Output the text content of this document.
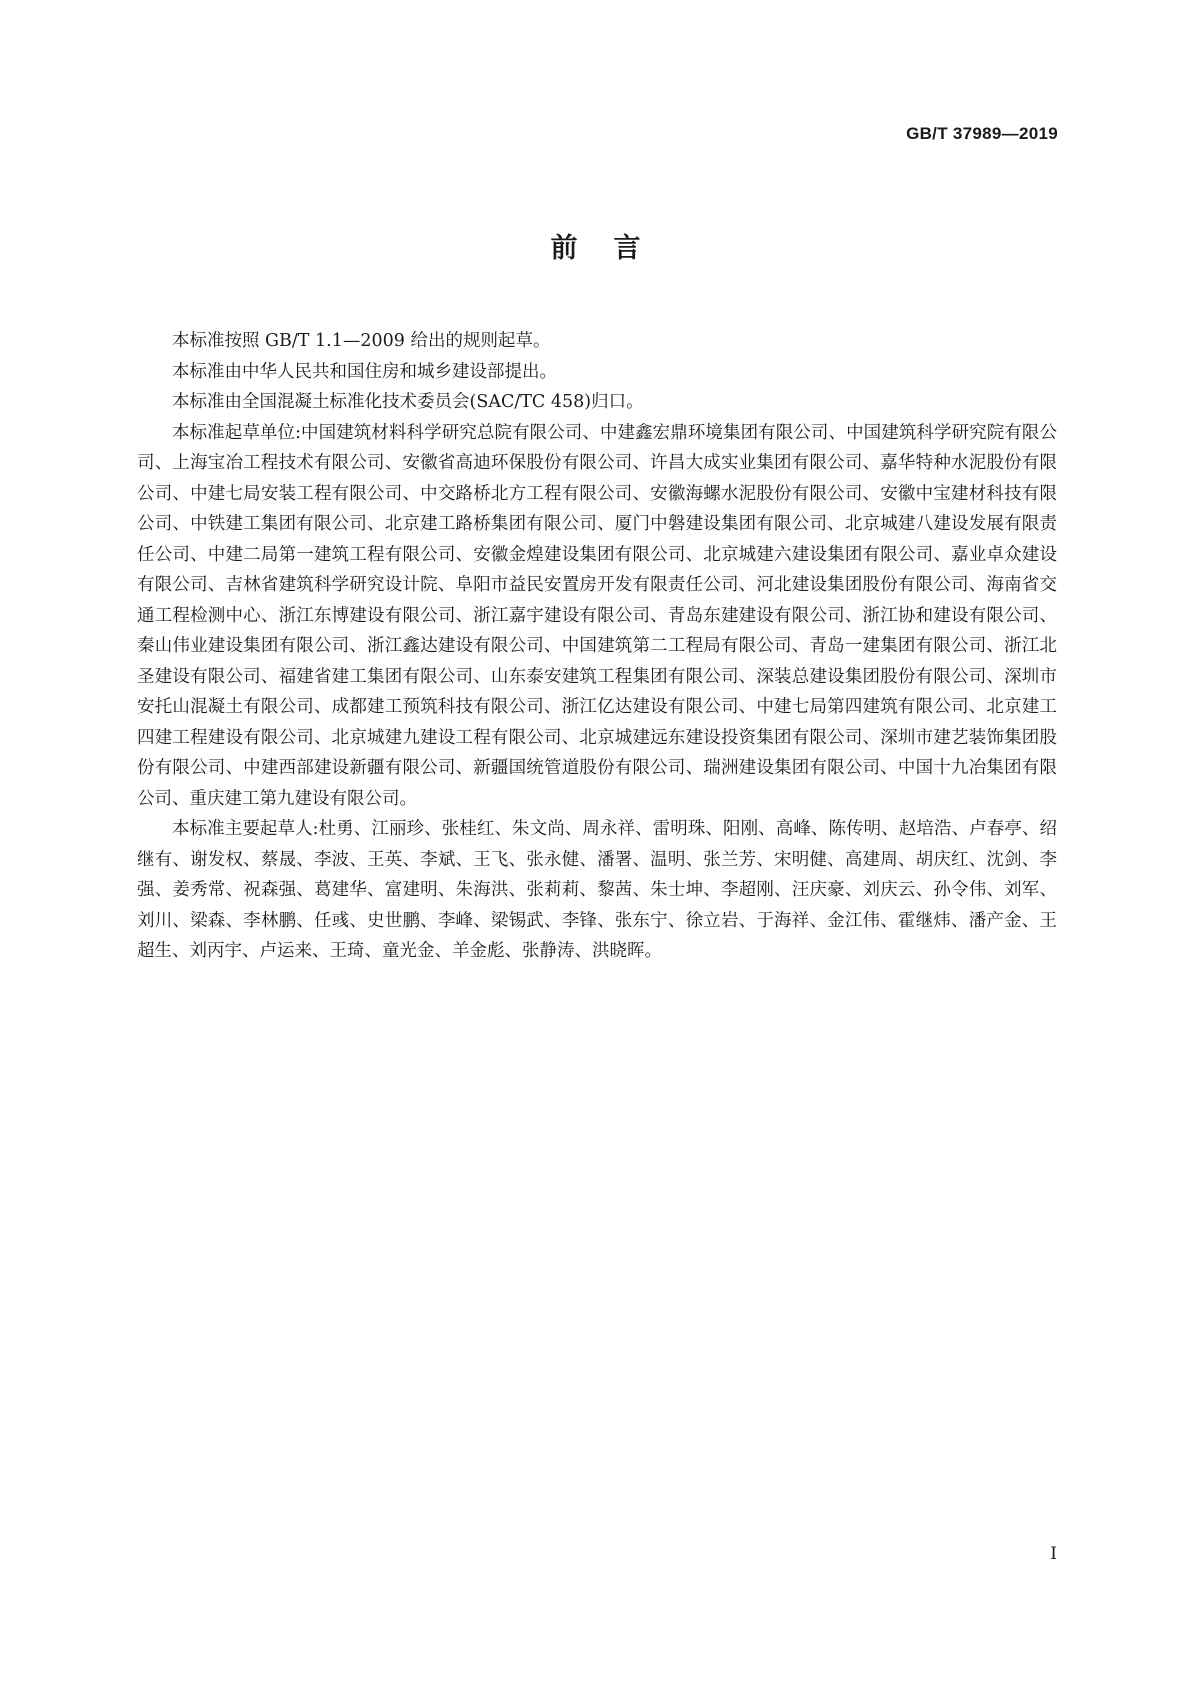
GB/T 37989—2019
前言

本标准按照 GB/T 1.1—2009 给出的规则起草。

本标准由中华人民共和国住房和城乡建设部提出。

本标准由全国混凝土标准化技术委员会(SAC/TC 458)归口。

本标准起草单位:中国建筑材料科学研究总院有限公司、中建鑫宏鼎环境集团有限公司、中国建筑科学研究院有限公司、上海宝冶工程技术有限公司、安徽省高迪环保股份有限公司、许昌大成实业集团有限公司、嘉华特种水泥股份有限公司、中建七局安装工程有限公司、中交路桥北方工程有限公司、安徽海螺水泥股份有限公司、安徽中宝建材科技有限公司、中铁建工集团有限公司、北京建工路桥集团有限公司、厦门中磐建设集团有限公司、北京城建八建设发展有限责任公司、中建二局第一建筑工程有限公司、安徽金煌建设集团有限公司、北京城建六建设集团有限公司、嘉业卓众建设有限公司、吉林省建筑科学研究设计院、阜阳市益民安置房开发有限责任公司、河北建设集团股份有限公司、海南省交通工程检测中心、浙江东博建设有限公司、浙江嘉宇建设有限公司、青岛东建建设有限公司、浙江协和建设有限公司、秦山伟业建设集团有限公司、浙江鑫达建设有限公司、中国建筑第二工程局有限公司、青岛一建集团有限公司、浙江北圣建设有限公司、福建省建工集团有限公司、山东泰安建筑工程集团有限公司、深装总建设集团股份有限公司、深圳市安托山混凝土有限公司、成都建工预筑科技有限公司、浙江亿达建设有限公司、中建七局第四建筑有限公司、北京建工四建工程建设有限公司、北京城建九建设工程有限公司、北京城建远东建设投资集团有限公司、深圳市建艺装饰集团股份有限公司、中建西部建设新疆有限公司、新疆国统管道股份有限公司、瑞洲建设集团有限公司、中国十九冶集团有限公司、重庆建工第九建设有限公司。

本标准主要起草人:杜勇、江丽珍、张桂红、朱文尚、周永祥、雷明珠、阳刚、高峰、陈传明、赵培浩、卢春亭、绍继有、谢发权、蔡晟、李波、王英、李斌、王飞、张永健、潘署、温明、张兰芳、宋明健、高建周、胡庆红、沈剑、李强、姜秀常、祝森强、葛建华、富建明、朱海洪、张莉莉、黎茜、朱士坤、李超刚、汪庆豪、刘庆云、孙令伟、刘军、刘川、梁森、李林鹏、任彧、史世鹏、李峰、梁锡武、李锋、张东宁、徐立岩、于海祥、金江伟、霍继炜、潘产金、王超生、刘丙宇、卢运来、王琦、童光金、羊金彪、张静涛、洪晓晖。

I
